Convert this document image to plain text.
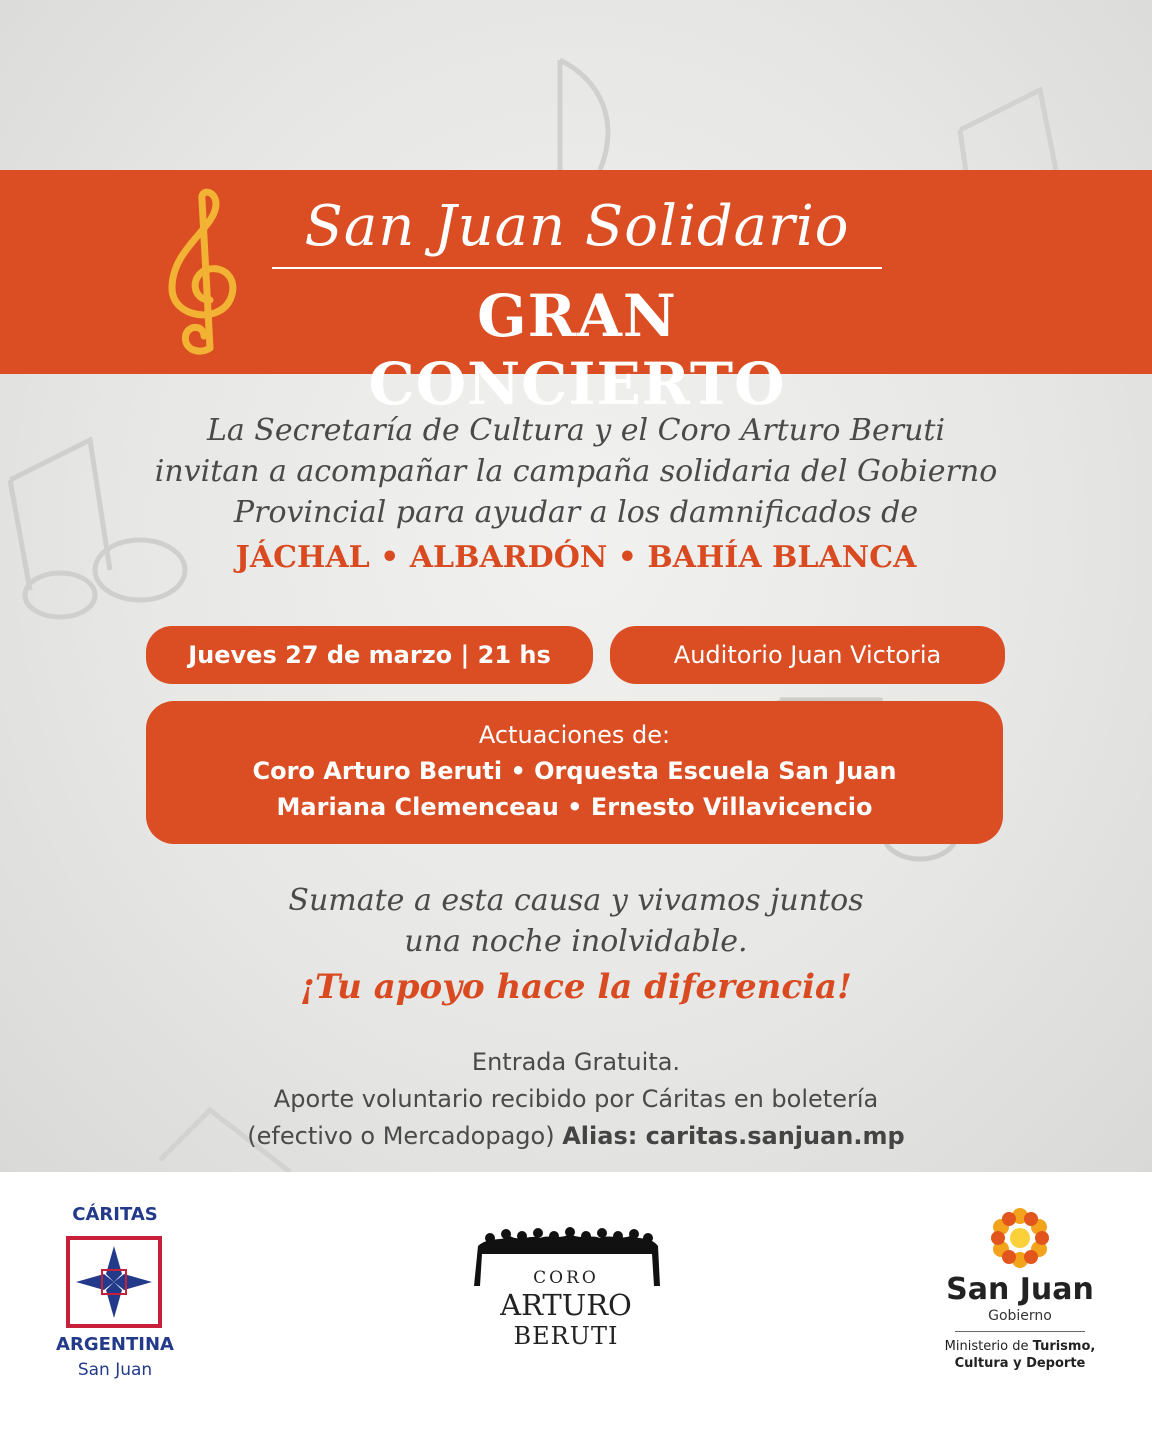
San Juan Solidario
GRAN CONCIERTO
La Secretaría de Cultura y el Coro Arturo Beruti
invitan a acompañar la campaña solidaria del Gobierno
Provincial para ayudar a los damnificados de
JÁCHAL • ALBARDÓN • BAHÍA BLANCA
Jueves 27 de marzo | 21 hs	Auditorio Juan Victoria
Actuaciones de:
Coro Arturo Beruti • Orquesta Escuela San Juan
Mariana Clemenceau • Ernesto Villavicencio
Sumate a esta causa y vivamos juntos
una noche inolvidable.
¡Tu apoyo hace la diferencia!
Entrada Gratuita.
Aporte voluntario recibido por Cáritas en boletería
(efectivo o Mercadopago) Alias: caritas.sanjuan.mp
CÁRITAS
ARGENTINA
San Juan
CORO
ARTURO
BERUTI
San Juan
Gobierno
Ministerio de Turismo,
Cultura y Deporte
